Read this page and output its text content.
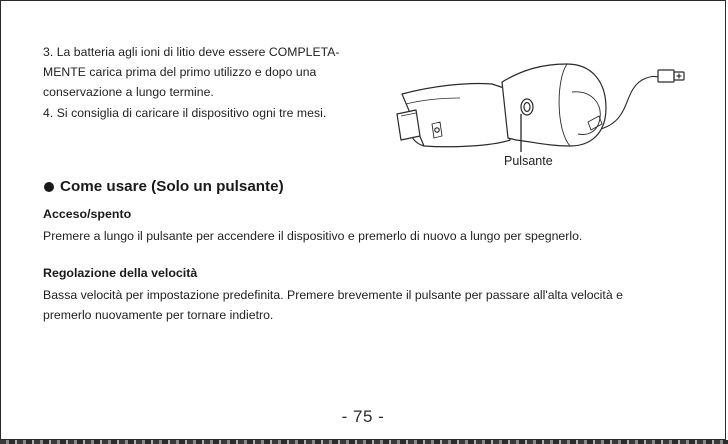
3. La batteria agli ioni di litio deve essere COMPLETA-

MENTE carica prima del primo utilizzo e dopo una

conservazione a lungo termine.

4. Si consiglia di caricare il dispositivo ogni tre mesi.

Pulsante
Come usare (Solo un pulsante)
Acceso/spento
Premere a lungo il pulsante per accendere il dispositivo e premerlo di nuovo a lungo per spegnerlo.
Regolazione della velocità
Bassa velocità per impostazione predefinita. Premere brevemente il pulsante per passare all'alta velocità e
premerlo nuovamente per tornare indietro.
- 75 -
